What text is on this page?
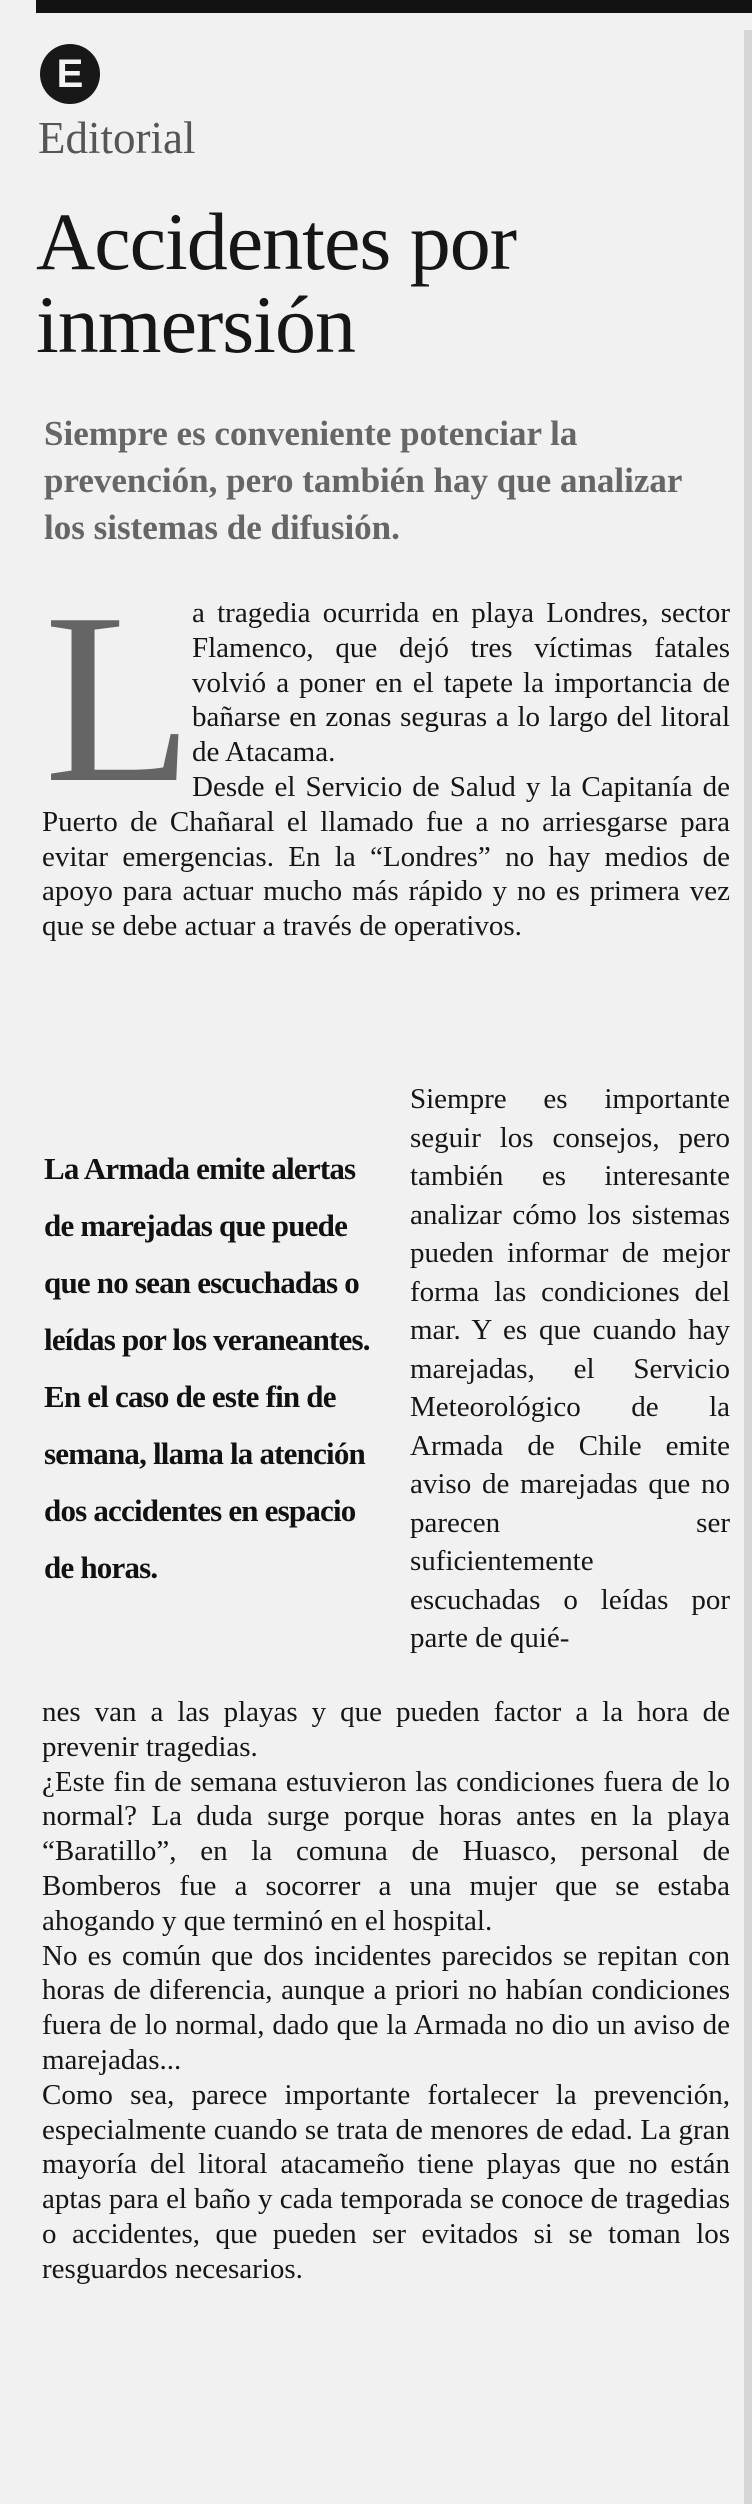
E
Editorial
Accidentes por inmersión
Siempre es conveniente potenciar la prevención, pero también hay que analizar los sistemas de difusión.
L

a tragedia ocurrida en playa Londres, sector Flamenco, que dejó tres víctimas fatales volvió a poner en el tapete la importancia de bañarse en zonas seguras a lo largo del litoral de Atacama.

Desde el Servicio de Salud y la Capitanía de Puerto de Chañaral el llamado fue a no arriesgarse para evitar emergencias. En la “Londres” no hay medios de apoyo para actuar mucho más rápido y no es primera vez que se debe actuar a través de operativos.

La Armada emite alertas de marejadas que puede que no sean escuchadas o leídas por los veraneantes. En el caso de este fin de semana, llama la atención dos accidentes en espacio de horas.

Siempre es importante seguir los consejos, pero también es interesante analizar cómo los sistemas pueden informar de mejor forma las condiciones del mar. Y es que cuando hay marejadas, el Servicio Meteorológico de la Armada de Chile emite aviso de marejadas que no parecen ser suficientemente escuchadas o leídas por parte de quié-

nes van a las playas y que pueden factor a la hora de prevenir tragedias.

¿Este fin de semana estuvieron las condiciones fuera de lo normal? La duda surge porque horas antes en la playa “Baratillo”, en la comuna de Huasco, personal de Bomberos fue a socorrer a una mujer que se estaba ahogando y que terminó en el hospital.

No es común que dos incidentes parecidos se repitan con horas de diferencia, aunque a priori no habían condiciones fuera de lo normal, dado que la Armada no dio un aviso de marejadas...

Como sea, parece importante fortalecer la prevención, especialmente cuando se trata de menores de edad. La gran mayoría del litoral atacameño tiene playas que no están aptas para el baño y cada temporada se conoce de tragedias o accidentes, que pueden ser evitados si se toman los resguardos necesarios.
